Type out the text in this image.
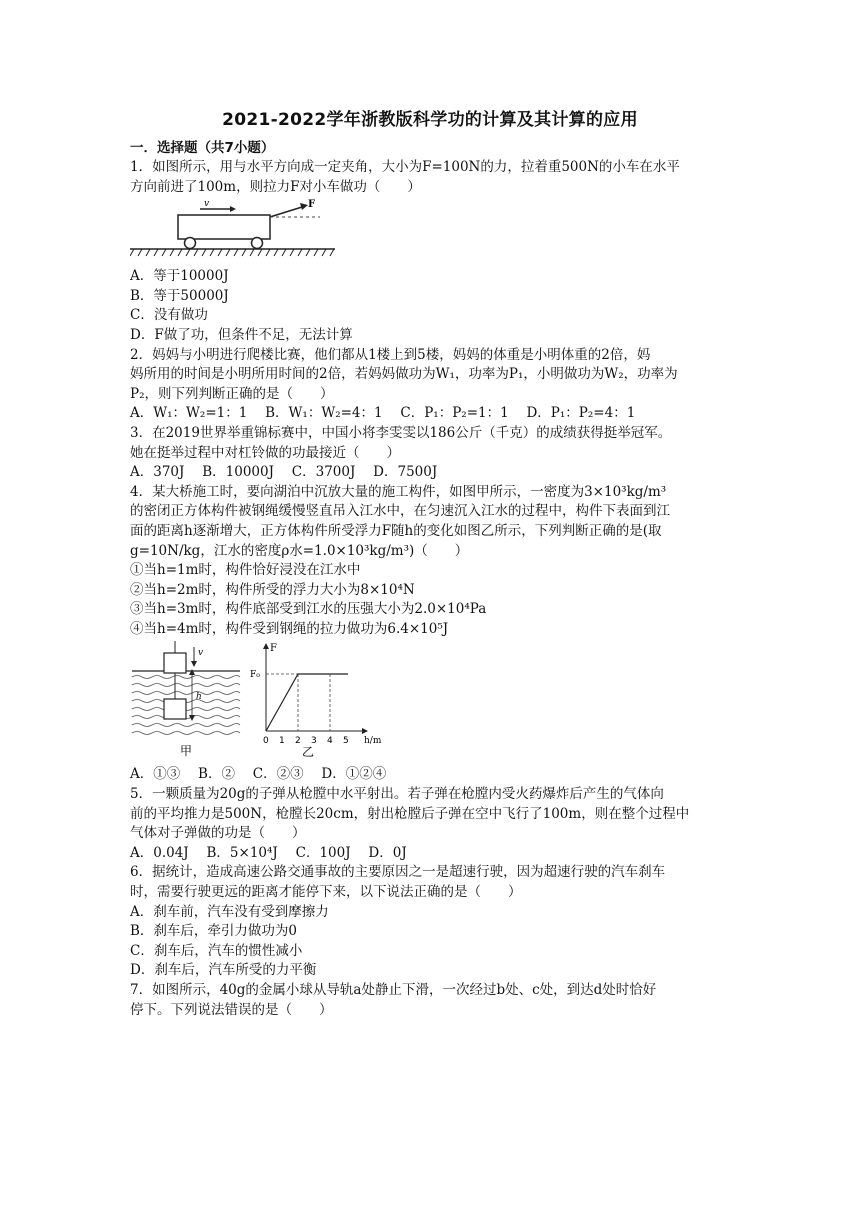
2021-2022学年浙教版科学功的计算及其计算的应用
一．选择题（共7小题）

1．如图所示，用与水平方向成一定夹角，大小为F=100N的力，拉着重500N的小车在水平

方向前进了100m，则拉力F对小车做功（　　）

v	F

A．等于10000J

B．等于50000J

C．没有做功

D．F做了功，但条件不足，无法计算

2．妈妈与小明进行爬楼比赛，他们都从1楼上到5楼，妈妈的体重是小明体重的2倍，妈

妈所用的时间是小明所用时间的2倍，若妈妈做功为W₁，功率为P₁，小明做功为W₂，功率为

P₂，则下列判断正确的是（　　）

A．W₁：W₂=1：1　 B．W₁：W₂=4：1　 C．P₁：P₂=1：1　 D．P₁：P₂=4：1

3．在2019世界举重锦标赛中，中国小将李雯雯以186公斤（千克）的成绩获得挺举冠军。

她在挺举过程中对杠铃做的功最接近（　　）

A．370J　 B．10000J　 C．3700J　 D．7500J

4．某大桥施工时，要向湖泊中沉放大量的施工构件，如图甲所示，一密度为3×10³kg/m³

的密闭正方体构件被钢绳缓慢竖直吊入江水中，在匀速沉入江水的过程中，构件下表面到江

面的距离h逐渐增大，正方体构件所受浮力F随h的变化如图乙所示，下列判断正确的是(取

g=10N/kg，江水的密度ρ水=1.0×10³kg/m³)（　　）

①当h=1m时，构件恰好浸没在江水中

②当h=2m时，构件所受的浮力大小为8×10⁴N

③当h=3m时，构件底部受到江水的压强大小为2.0×10⁴Pa

④当h=4m时，构件受到钢绳的拉力做功为6.4×10⁵J

v
h
甲
F
F₀
0 1 2 3 4 5 h/m
乙

A．①③　 B．②　 C．②③　 D．①②④

5．一颗质量为20g的子弹从枪膛中水平射出。若子弹在枪膛内受火药爆炸后产生的气体向

前的平均推力是500N，枪膛长20cm，射出枪膛后子弹在空中飞行了100m，则在整个过程中

气体对子弹做的功是（　　）

A．0.04J　 B．5×10⁴J　 C．100J　 D．0J

6．据统计，造成高速公路交通事故的主要原因之一是超速行驶，因为超速行驶的汽车刹车

时，需要行驶更远的距离才能停下来，以下说法正确的是（　　）

A．刹车前，汽车没有受到摩擦力

B．刹车后，牵引力做功为0

C．刹车后，汽车的惯性减小

D．刹车后，汽车所受的力平衡

7．如图所示，40g的金属小球从导轨a处静止下滑，一次经过b处、c处，到达d处时恰好

停下。下列说法错误的是（　　）
